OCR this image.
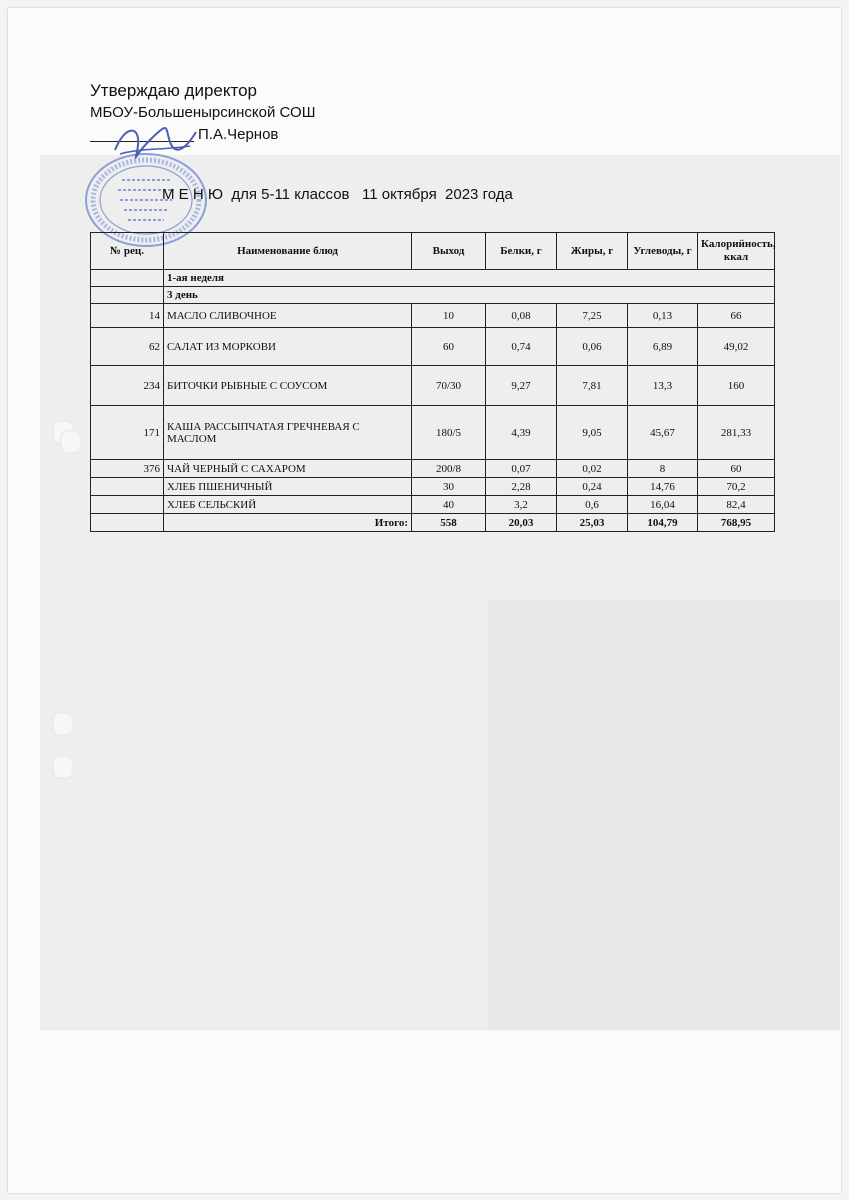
Утверждаю директор
МБОУ-Большенырсинской СОШ
П.А.Чернов
М Е Н Ю  для 5-11 классов   11 октября  2023 года
№ рец.	Наименование блюд	Выход	Белки, г	Жиры, г	Углеводы, г	Калорийность, ккал
	1-ая неделя					
	3 день					
14	МАСЛО СЛИВОЧНОЕ	10	0,08	7,25	0,13	66
62	САЛАТ ИЗ МОРКОВИ	60	0,74	0,06	6,89	49,02
234	БИТОЧКИ РЫБНЫЕ С СОУСОМ	70/30	9,27	7,81	13,3	160
171	КАША РАССЫПЧАТАЯ ГРЕЧНЕВАЯ С МАСЛОМ	180/5	4,39	9,05	45,67	281,33
376	ЧАЙ ЧЕРНЫЙ С САХАРОМ	200/8	0,07	0,02	8	60
	ХЛЕБ ПШЕНИЧНЫЙ	30	2,28	0,24	14,76	70,2
	ХЛЕБ СЕЛЬСКИЙ	40	3,2	0,6	16,04	82,4
	Итого:	558	20,03	25,03	104,79	768,95
